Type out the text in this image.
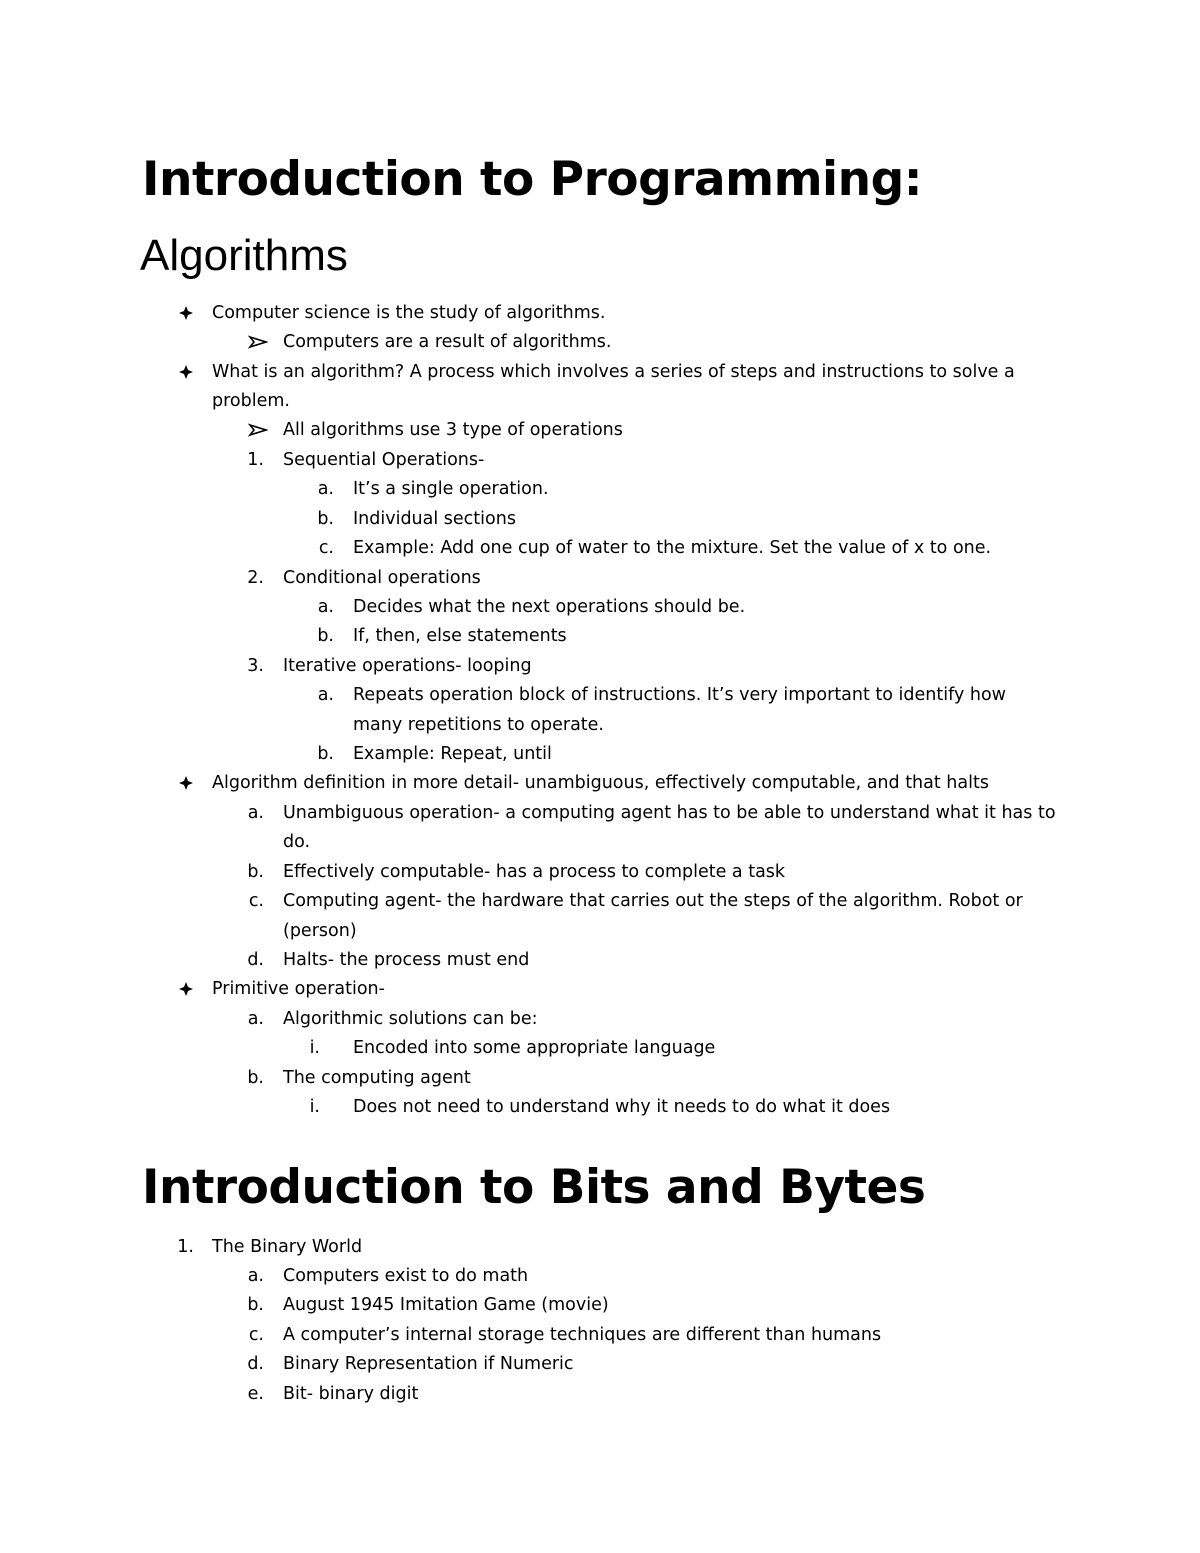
Introduction to Programming:
Algorithms
Computer science is the study of algorithms.
Computers are a result of algorithms.
What is an algorithm? A process which involves a series of steps and instructions to solve a
problem.
All algorithms use 3 type of operations
1. Sequential Operations-
a. It’s a single operation.
b. Individual sections
c. Example: Add one cup of water to the mixture. Set the value of x to one.
2. Conditional operations
a. Decides what the next operations should be.
b. If, then, else statements
3. Iterative operations- looping
a. Repeats operation block of instructions. It’s very important to identify how
many repetitions to operate.
b. Example: Repeat, until
Algorithm definition in more detail- unambiguous, effectively computable, and that halts
a. Unambiguous operation- a computing agent has to be able to understand what it has to
do.
b. Effectively computable- has a process to complete a task
c. Computing agent- the hardware that carries out the steps of the algorithm. Robot or
(person)
d. Halts- the process must end
Primitive operation-
a. Algorithmic solutions can be:
i. Encoded into some appropriate language
b. The computing agent
i. Does not need to understand why it needs to do what it does
Introduction to Bits and Bytes
1. The Binary World
a. Computers exist to do math
b. August 1945 Imitation Game (movie)
c. A computer’s internal storage techniques are different than humans
d. Binary Representation if Numeric
e. Bit- binary digit
